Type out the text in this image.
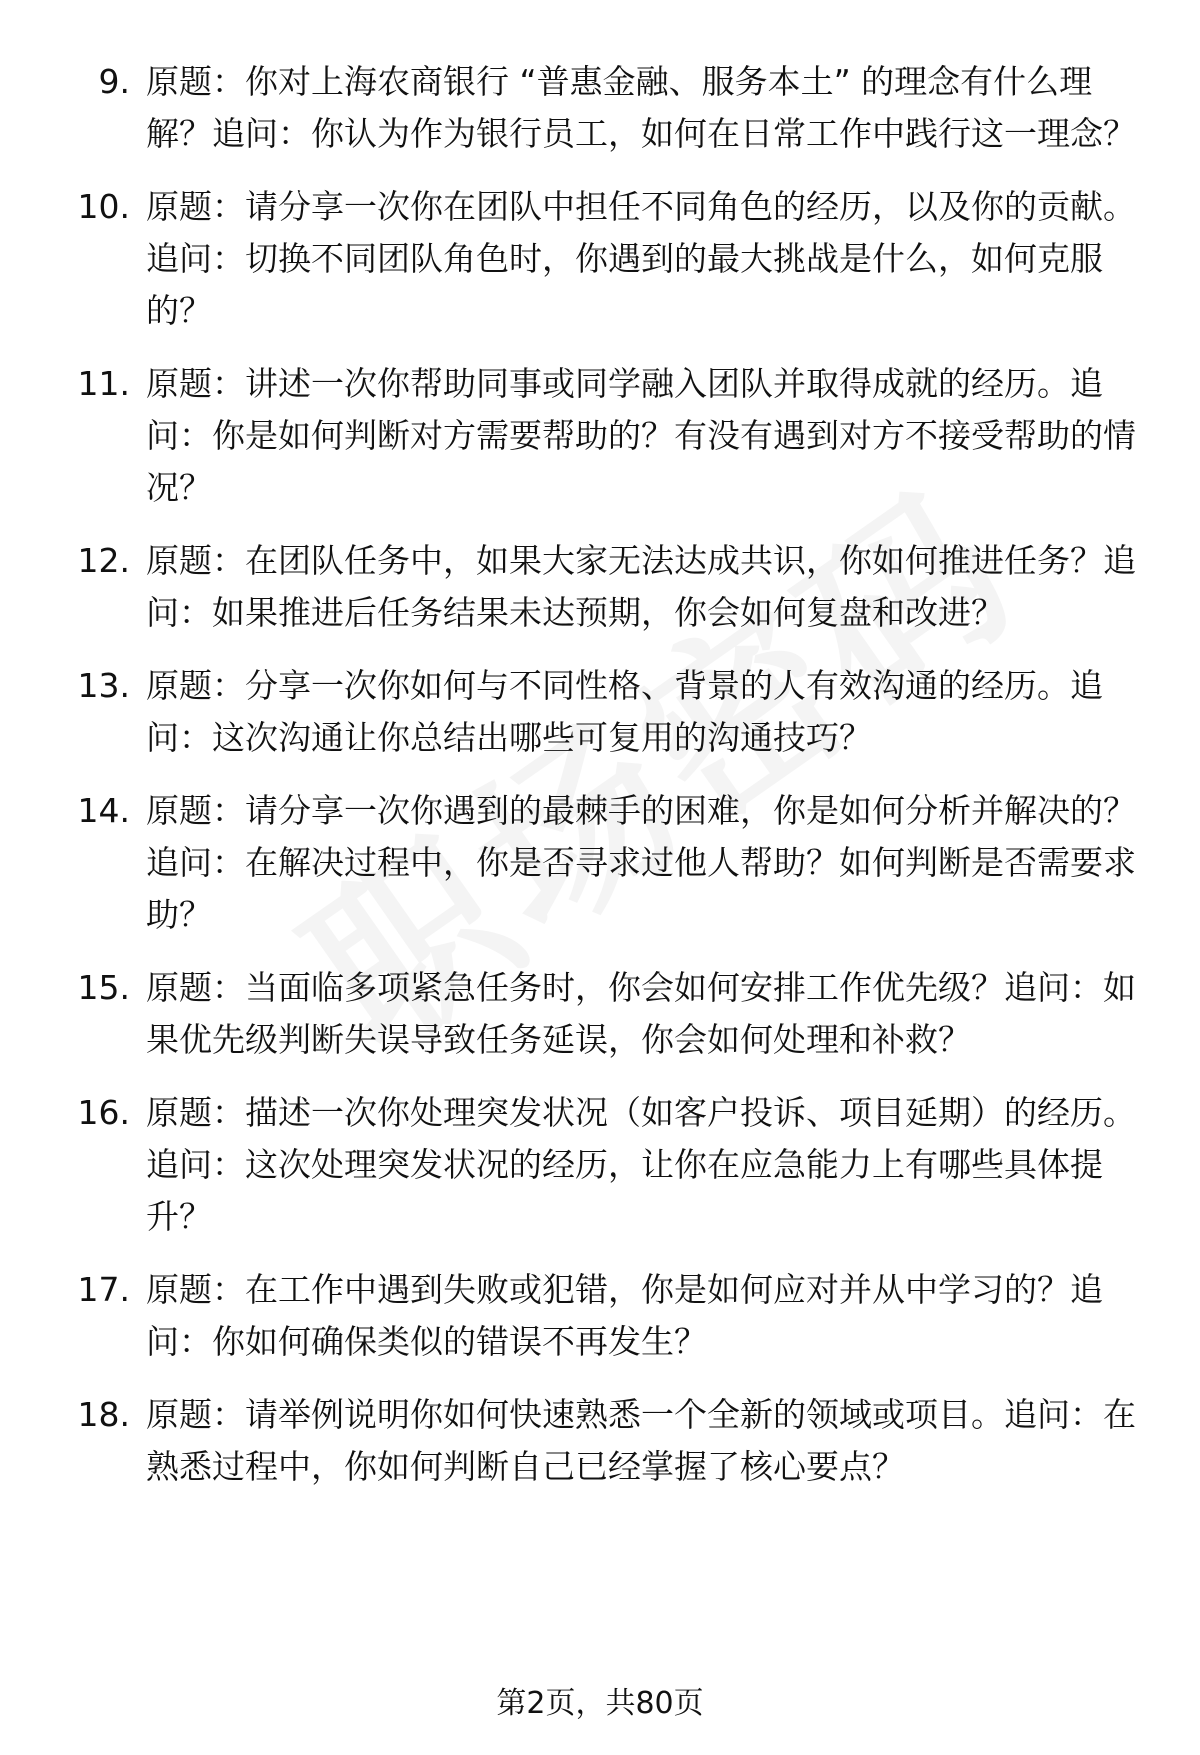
9. 原题：你对上海农商银行 “普惠金融、服务本土” 的理念有什么理解？追问：你认为作为银行员工，如何在日常工作中践行这一理念？
10. 原题：请分享一次你在团队中担任不同角色的经历，以及你的贡献。追问：切换不同团队角色时，你遇到的最大挑战是什么，如何克服的？
11. 原题：讲述一次你帮助同事或同学融入团队并取得成就的经历。追问：你是如何判断对方需要帮助的？有没有遇到对方不接受帮助的情况？
12. 原题：在团队任务中，如果大家无法达成共识，你如何推进任务？追问：如果推进后任务结果未达预期，你会如何复盘和改进？
13. 原题：分享一次你如何与不同性格、背景的人有效沟通的经历。追问：这次沟通让你总结出哪些可复用的沟通技巧？
14. 原题：请分享一次你遇到的最棘手的困难，你是如何分析并解决的？追问：在解决过程中，你是否寻求过他人帮助？如何判断是否需要求助？
15. 原题：当面临多项紧急任务时，你会如何安排工作优先级？追问：如果优先级判断失误导致任务延误，你会如何处理和补救？
16. 原题：描述一次你处理突发状况（如客户投诉、项目延期）的经历。追问：这次处理突发状况的经历，让你在应急能力上有哪些具体提升？
17. 原题：在工作中遇到失败或犯错，你是如何应对并从中学习的？追问：你如何确保类似的错误不再发生？
18. 原题：请举例说明你如何快速熟悉一个全新的领域或项目。追问：在熟悉过程中，你如何判断自己已经掌握了核心要点？
第2页，共80页
